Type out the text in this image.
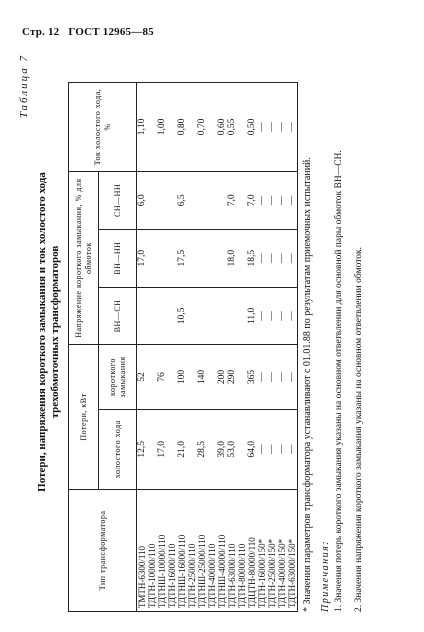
Стр. 12 ГОСТ 12965—85
Таблица 7
Потери, напряжения короткого замыкания и ток холостого хода трехобмоточных трансформаторов
Тип трансформатора	Потери, кВт		Напряжение короткого замыкания, % для обмоток			Ток холостого хода, %
	холостого хода	короткого замыкания	ВН—СН	ВН—НН	СН—НН	
ТМТН-6300/110	12,5	52		17,0	6,0	1,10
ТДТН-10000/110						
ТДТНШ-10000/110	17,0	76				1,00
ТДТН-16000/110						
ТДТНШ-16000/110	21,0	100	10,5	17,5	6,5	0,80
ТДТН-25000/110						
ТДТНШ-25000/110	28,5	140				0,70
ТДТН-40000/110						
ТДТНШ-40000/110	39,0	200				0,60
ТДТН-63000/110	53,0	290		18,0	7,0	0,55
ТДТН-80000/110						
ТДЦТН-80000/110	64,0	365	11,0	18,5	7,0	0,50
ТДТН-16000/150*	—	—	—	—	—	—
ТДТН-25000/150*	—	—	—	—	—	—
ТДТН-40000/150*	—	—	—	—	—	—
ТДТН-63000/150*	—	—	—	—	—	—
* Значения параметров трансформатора устанавливают с 01.01.88 по результатам приемочных испытаний. Примечания: 1. Значения потерь короткого замыкания указаны на основном ответвлении для основной пары обмоток ВН—СН. 2. Значения напряжения короткого замыкания указаны на основном ответвлении обмоток.
